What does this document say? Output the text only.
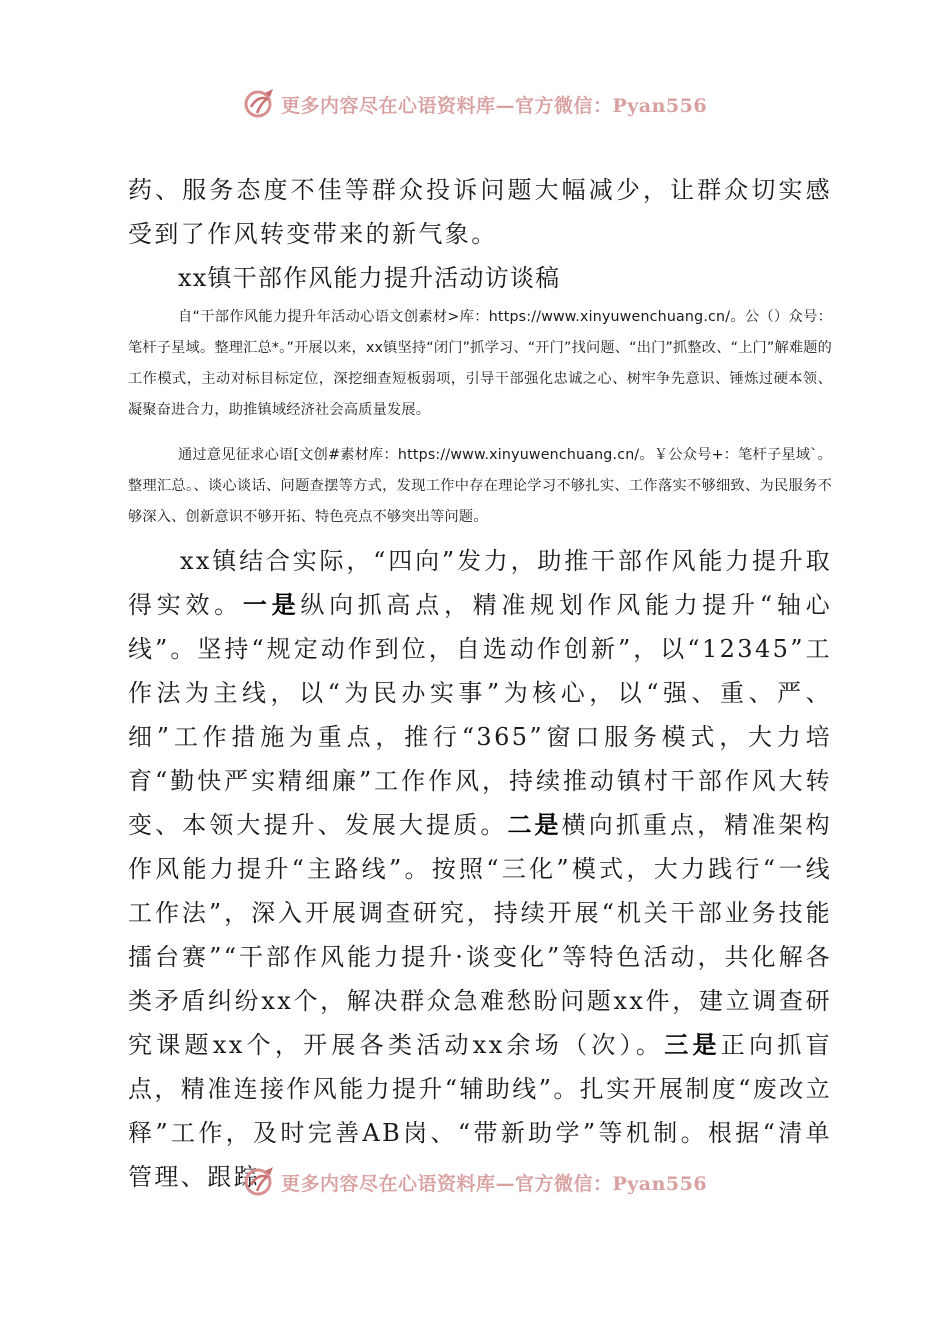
更多内容尽在心语资料库—官方微信：Pyan556

药、服务态度不佳等群众投诉问题大幅减少，让群众切实感受到了作风转变带来的新气象。

xx镇干部作风能力提升活动访谈稿

自“干部作风能力提升年活动心语文创素材>库：https://www.xinyuwenchuang.cn/。公（）众号：笔杆子星域。整理汇总*。”开展以来，xx镇坚持“闭门”抓学习、“开门”找问题、“出门”抓整改、“上门”解难题的工作模式，主动对标目标定位，深挖细查短板弱项，引导干部强化忠诚之心、树牢争先意识、锤炼过硬本领、凝聚奋进合力，助推镇域经济社会高质量发展。

通过意见征求心语[文创#素材库：https://www.xinyuwenchuang.cn/。￥公众号+：笔杆子星域`。整理汇总。、谈心谈话、问题查摆等方式，发现工作中存在理论学习不够扎实、工作落实不够细致、为民服务不够深入、创新意识不够开拓、特色亮点不够突出等问题。

xx镇结合实际，“四向”发力，助推干部作风能力提升取得实效。一是纵向抓高点，精准规划作风能力提升“轴心线”。坚持“规定动作到位，自选动作创新”，以“12345”工作法为主线，以“为民办实事”为核心，以“强、重、严、细”工作措施为重点，推行“365”窗口服务模式，大力培育“勤快严实精细廉”工作作风，持续推动镇村干部作风大转变、本领大提升、发展大提质。二是横向抓重点，精准架构作风能力提升“主路线”。按照“三化”模式，大力践行“一线工作法”，深入开展调查研究，持续开展“机关干部业务技能擂台赛”“干部作风能力提升·谈变化”等特色活动，共化解各类矛盾纠纷xx个，解决群众急难愁盼问题xx件，建立调查研究课题xx个，开展各类活动xx余场（次）。三是正向抓盲点，精准连接作风能力提升“辅助线”。扎实开展制度“废改立释”工作，及时完善AB岗、“带新助学”等机制。根据“清单管理、跟踪	更多内容尽在心语资料库—官方微信：Pyan556
